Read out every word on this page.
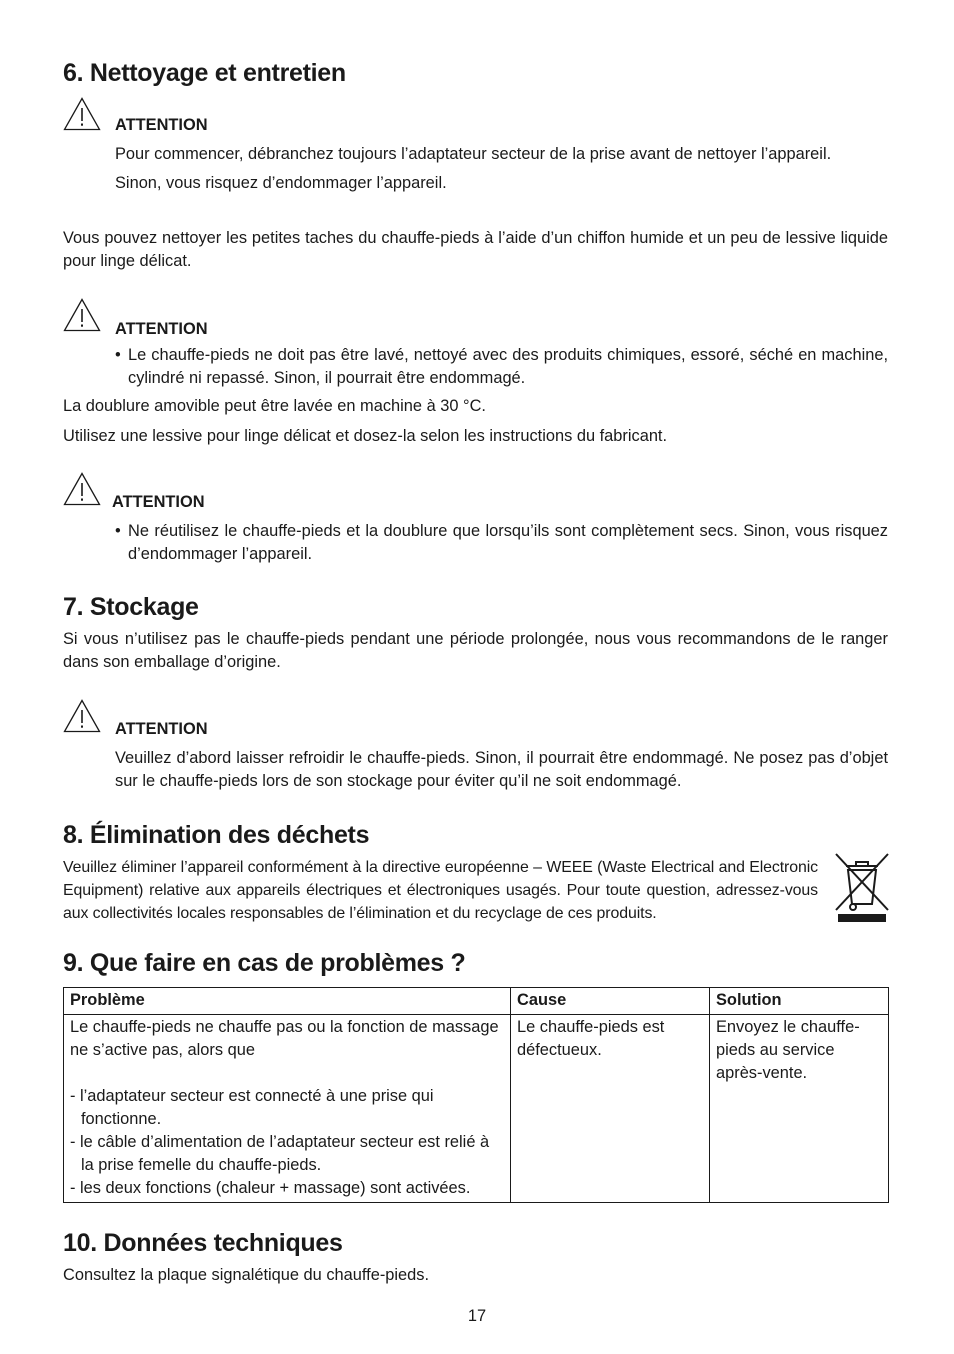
6. Nettoyage et entretien
ATTENTION

Pour commencer, débranchez toujours l’adaptateur secteur de la prise avant de nettoyer l’appareil.

Sinon, vous risquez d’endommager l’appareil.

Vous pouvez nettoyer les petites taches du chauffe-pieds à l’aide d’un chiffon humide et un peu de lessive liquide pour linge délicat.

ATTENTION
• Le chauffe-pieds ne doit pas être lavé, nettoyé avec des produits chimiques, essoré, séché en machine, cylindré ni repassé. Sinon, il pourrait être endommagé.

La doublure amovible peut être lavée en machine à 30 °C.

Utilisez une lessive pour linge délicat et dosez-la selon les instructions du fabricant.

ATTENTION
• Ne réutilisez le chauffe-pieds et la doublure que lorsqu’ils sont complètement secs. Sinon, vous risquez d’endommager l’appareil.

7. Stockage

Si vous n’utilisez pas le chauffe-pieds pendant une période prolongée, nous vous recommandons de le ranger dans son emballage d’origine.

ATTENTION

Veuillez d’abord laisser refroidir le chauffe-pieds. Sinon, il pourrait être endommagé. Ne posez pas d’objet sur le chauffe-pieds lors de son stockage pour éviter qu’il ne soit endommagé.

8. Élimination des déchets

Veuillez éliminer l’appareil conformément à la directive européenne – WEEE (Waste Electrical and Electronic Equipment) relative aux appareils électriques et électroniques usagés. Pour toute question, adressez-vous aux collectivités locales responsables de l’élimination et du recyclage de ces produits.

9. Que faire en cas de problèmes ?
Problème	Cause	Solution

Le chauffe-pieds ne chauffe pas ou la fonction de massage ne s’active pas, alors que
- l’adaptateur secteur est connecté à une prise qui fonctionne.
- le câble d’alimentation de l’adaptateur secteur est relié à la prise femelle du chauffe-pieds.
- les deux fonctions (chaleur + massage) sont activées.	Le chauffe-pieds est défectueux.	Envoyez le chauffe-pieds au service après-vente.
10. Données techniques

Consultez la plaque signalétique du chauffe-pieds.

17
